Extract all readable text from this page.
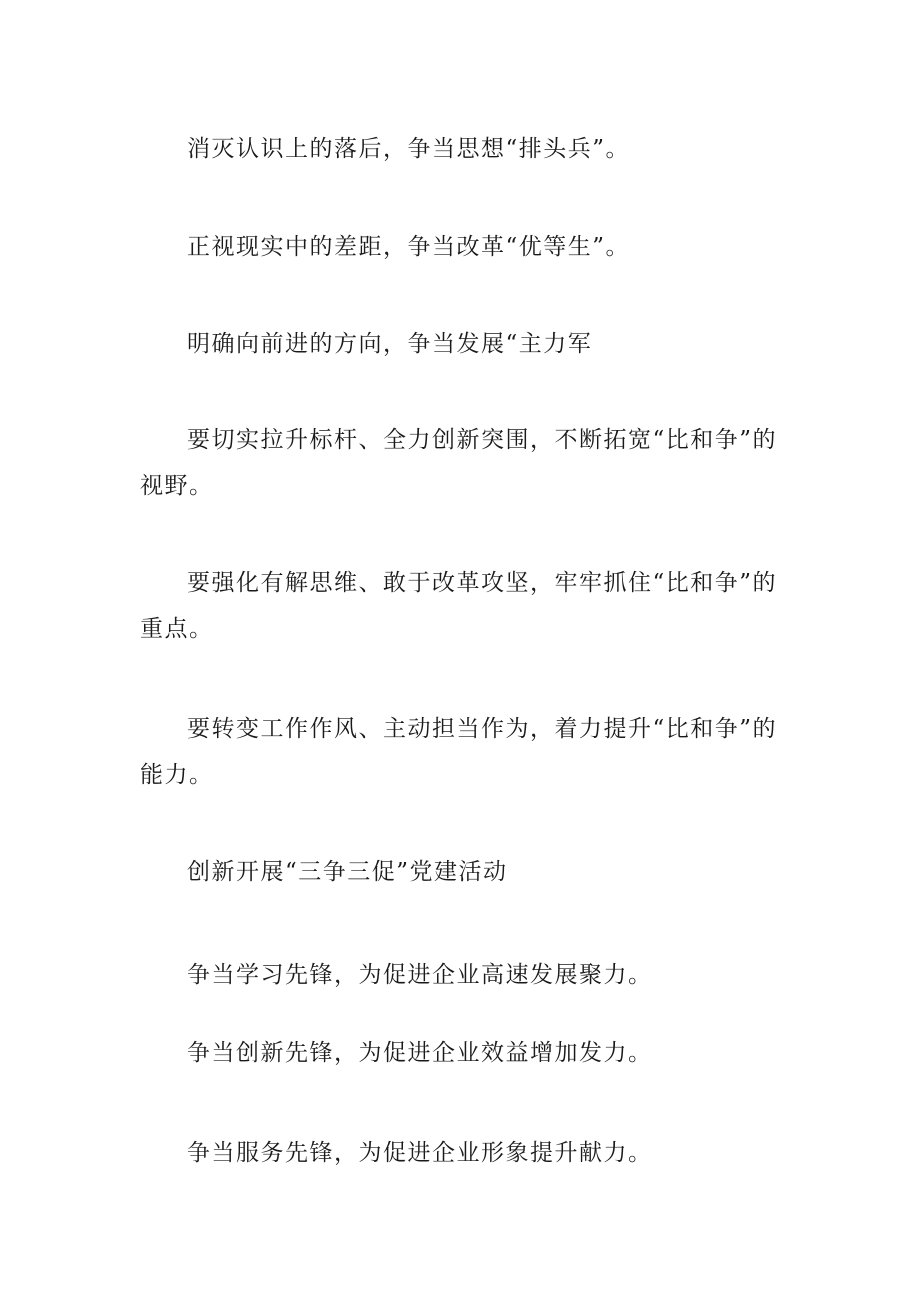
消灭认识上的落后，争当思想“排头兵”。

正视现实中的差距，争当改革“优等生”。

明确向前进的方向，争当发展“主力军

要切实拉升标杆、全力创新突围，不断拓宽“比和争”的视野。

要强化有解思维、敢于改革攻坚，牢牢抓住“比和争”的重点。

要转变工作作风、主动担当作为，着力提升“比和争”的能力。

创新开展“三争三促”党建活动

争当学习先锋，为促进企业高速发展聚力。

争当创新先锋，为促进企业效益增加发力。

争当服务先锋，为促进企业形象提升献力。
